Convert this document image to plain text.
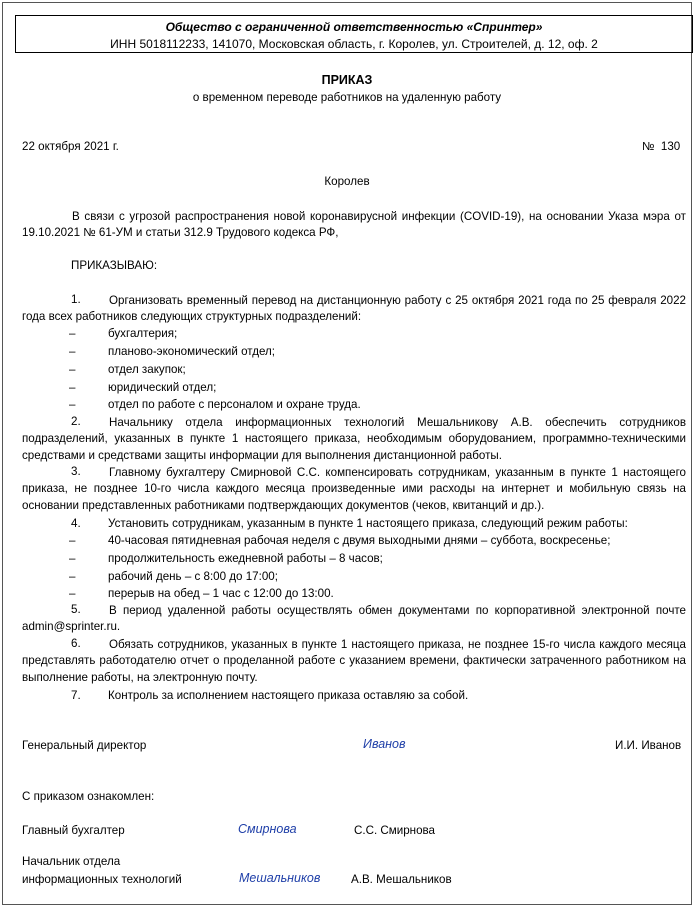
Общество с ограниченной ответственностью «Спринтер»
ИНН 5018112233, 141070, Московская область, г. Королев, ул. Строителей, д. 12, оф. 2
ПРИКАЗ
о временном переводе работников на удаленную работу
22 октября 2021 г.	№ 130
Королев
В связи с угрозой распространения новой коронавирусной инфекции (COVID-19), на основании Указа мэра от 19.10.2021 № 61-УМ и статьи 312.9 Трудового кодекса РФ,
ПРИКАЗЫВАЮ:
Организовать временный перевод на дистанционную работу с 25 октября 2021 года по 25 февраля 2022 года всех работников следующих структурных подразделений:
1.
–	бухгалтерия;
–	планово-экономический отдел;
–	отдел закупок;
–	юридический отдел;
–	отдел по работе с персоналом и охране труда.
Начальнику отдела информационных технологий Мешальникову А.В. обеспечить сотрудников подразделений, указанных в пункте 1 настоящего приказа, необходимым оборудованием, программно-техническими средствами и средствами защиты информации для выполнения дистанционной работы.
2.
Главному бухгалтеру Смирновой С.С. компенсировать сотрудникам, указанным в пункте 1 настоящего приказа, не позднее 10-го числа каждого месяца произведенные ими расходы на интернет и мобильную связь на основании представленных работниками подтверждающих документов (чеков, квитанций и др.).
3.
Установить сотрудникам, указанным в пункте 1 настоящего приказа, следующий режим работы:
4.
–	40-часовая пятидневная рабочая неделя с двумя выходными днями – суббота, воскресенье;
–	продолжительность ежедневной работы – 8 часов;
–	рабочий день – с 8:00 до 17:00;
–	перерыв на обед – 1 час с 12:00 до 13:00.
В период удаленной работы осуществлять обмен документами по корпоративной электронной почте admin@sprinter.ru.
5.
Обязать сотрудников, указанных в пункте 1 настоящего приказа, не позднее 15-го числа каждого месяца представлять работодателю отчет о проделанной работе с указанием времени, фактически затраченного работником на выполнение работы, на электронную почту.
6.
Контроль за исполнением настоящего приказа оставляю за собой.
7.
Генеральный директор	Иванов	И.И. Иванов
С приказом ознакомлен:
Главный бухгалтер	Смирнова	С.С. Смирнова
Начальник отдела
информационных технологий	Мешальников	А.В. Мешальников
